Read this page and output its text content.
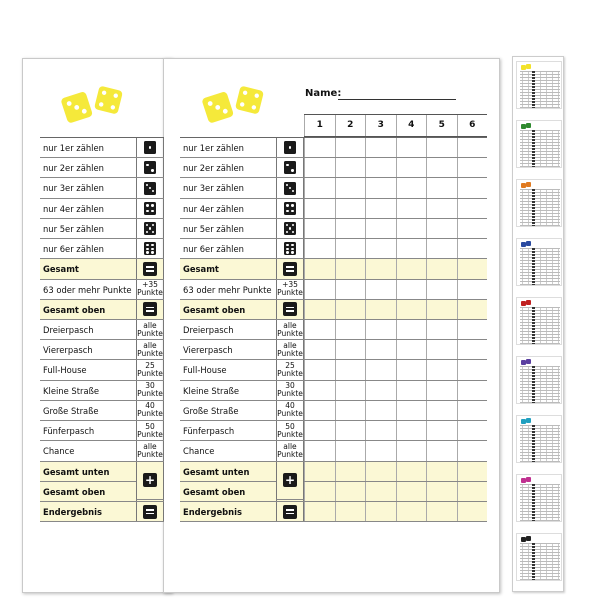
Name:
1	2	3	4	5	6
nur 1er zählen
nur 2er zählen
nur 3er zählen
nur 4er zählen
nur 5er zählen
nur 6er zählen
Gesamt
63 oder mehr Punkte	+35 Punkte
Gesamt oben
Dreierpasch	alle Punkte
Viererpasch	alle Punkte
Full-House	25 Punkte
Kleine Straße	30 Punkte
Große Straße	40 Punkte
Fünferpasch	50 Punkte
Chance	alle Punkte
Gesamt unten
+
Gesamt oben
Endergebnis
nur 1er zählen
nur 2er zählen
nur 3er zählen
nur 4er zählen
nur 5er zählen
nur 6er zählen
Gesamt
63 oder mehr Punkte	+35 Punkte
Gesamt oben
Dreierpasch	alle Punkte
Viererpasch	alle Punkte
Full-House	25 Punkte
Kleine Straße	30 Punkte
Große Straße	40 Punkte
Fünferpasch	50 Punkte
Chance	alle Punkte
Gesamt unten
+
Gesamt oben
Endergebnis
